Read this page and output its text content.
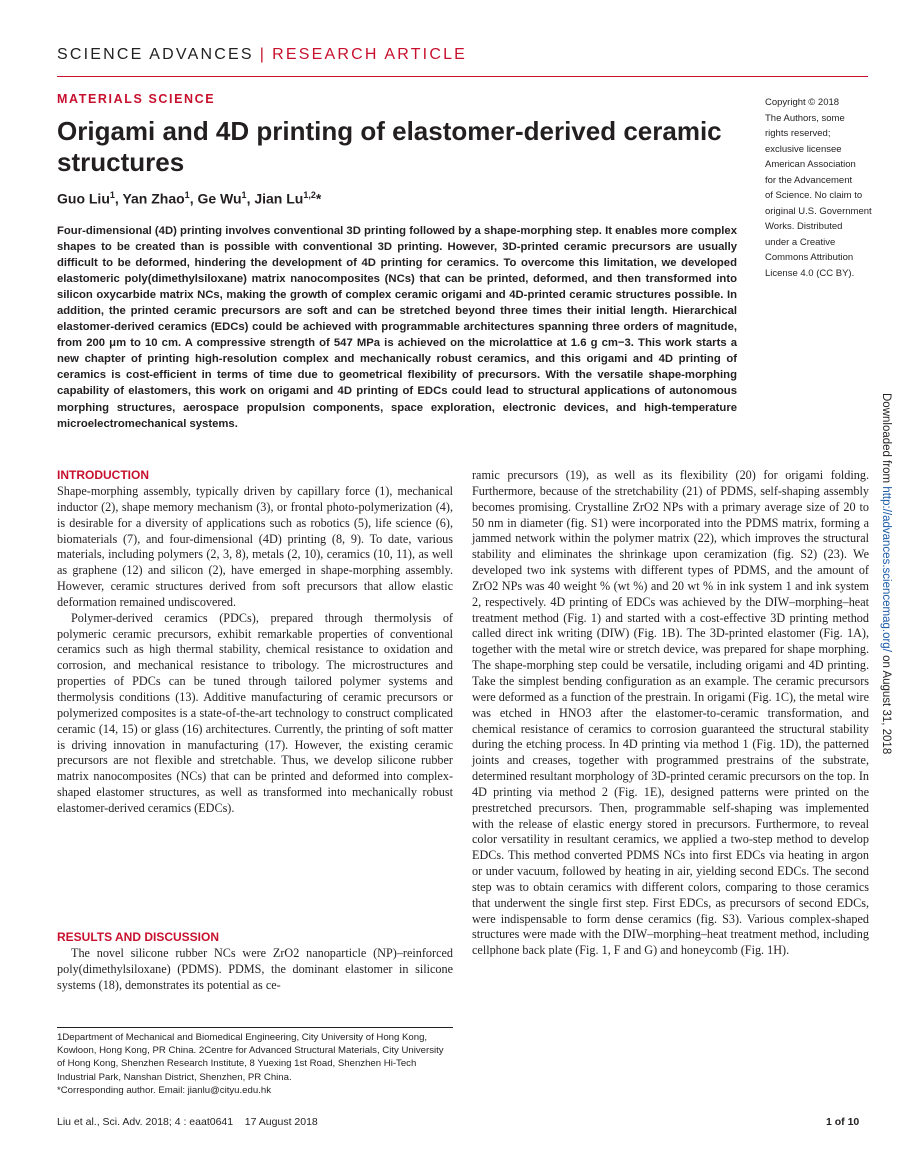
SCIENCE ADVANCES | RESEARCH ARTICLE
MATERIALS SCIENCE
Origami and 4D printing of elastomer-derived ceramic structures
Guo Liu$^1$, Yan Zhao$^1$, Ge Wu$^1$, Jian Lu$^{1,2}$*
Copyright © 2018
The Authors, some
rights reserved;
exclusive licensee
American Association
for the Advancement
of Science. No claim to
original U.S. Government
Works. Distributed
under a Creative
Commons Attribution
License 4.0 (CC BY).

Four-dimensional (4D) printing involves conventional 3D printing followed by a shape-morphing step. It enables more complex shapes to be created than is possible with conventional 3D printing. However, 3D-printed ceramic precursors are usually difficult to be deformed, hindering the development of 4D printing for ceramics. To overcome this limitation, we developed elastomeric poly(dimethylsiloxane) matrix nanocomposites (NCs) that can be printed, deformed, and then transformed into silicon oxycarbide matrix NCs, making the growth of complex ceramic origami and 4D-printed ceramic structures possible. In addition, the printed ceramic precursors are soft and can be stretched beyond three times their initial length. Hierarchical elastomer-derived ceramics (EDCs) could be achieved with programmable architectures spanning three orders of magnitude, from 200 μm to 10 cm. A compressive strength of 547 MPa is achieved on the microlattice at 1.6 g cm−3. This work starts a new chapter of printing high-resolution complex and mechanically robust ceramics, and this origami and 4D printing of ceramics is cost-efficient in terms of time due to geometrical flexibility of precursors. With the versatile shape-morphing capability of elastomers, this work on origami and 4D printing of EDCs could lead to structural applications of autonomous morphing structures, aerospace propulsion components, space exploration, electronic devices, and high-temperature microelectromechanical systems.

INTRODUCTION

Shape-morphing assembly, typically driven by capillary force (1), mechanical inductor (2), shape memory mechanism (3), or frontal photo-polymerization (4), is desirable for a diversity of applications such as robotics (5), life science (6), biomaterials (7), and four-dimensional (4D) printing (8, 9). To date, various materials, including polymers (2, 3, 8), metals (2, 10), ceramics (10, 11), as well as graphene (12) and silicon (2), have emerged in shape-morphing assembly. However, ceramic structures derived from soft precursors that allow elastic deformation remained undiscovered.

Polymer-derived ceramics (PDCs), prepared through thermolysis of polymeric ceramic precursors, exhibit remarkable properties of conventional ceramics such as high thermal stability, chemical resistance to oxidation and corrosion, and mechanical resistance to tribology. The microstructures and properties of PDCs can be tuned through tailored polymer systems and thermolysis conditions (13). Additive manufacturing of ceramic precursors or polymerized composites is a state-of-the-art technology to construct complicated ceramic (14, 15) or glass (16) architectures. Currently, the printing of soft matter is driving innovation in manufacturing (17). However, the existing ceramic precursors are not flexible and stretchable. Thus, we develop silicone rubber matrix nanocomposites (NCs) that can be printed and deformed into complex-shaped elastomer structures, as well as transformed into mechanically robust elastomer-derived ceramics (EDCs).

RESULTS AND DISCUSSION

The novel silicone rubber NCs were ZrO2 nanoparticle (NP)–reinforced poly(dimethylsiloxane) (PDMS). PDMS, the dominant elastomer in silicone systems (18), demonstrates its potential as ce-

1Department of Mechanical and Biomedical Engineering, City University of Hong Kong, Kowloon, Hong Kong, PR China. 2Centre for Advanced Structural Materials, City University of Hong Kong, Shenzhen Research Institute, 8 Yuexing 1st Road, Shenzhen Hi-Tech Industrial Park, Nanshan District, Shenzhen, PR China.
*Corresponding author. Email: jianlu@cityu.edu.hk

ramic precursors (19), as well as its flexibility (20) for origami folding. Furthermore, because of the stretchability (21) of PDMS, self-shaping assembly becomes promising. Crystalline ZrO2 NPs with a primary average size of 20 to 50 nm in diameter (fig. S1) were incorporated into the PDMS matrix, forming a jammed network within the polymer matrix (22), which improves the structural stability and eliminates the shrinkage upon ceramization (fig. S2) (23). We developed two ink systems with different types of PDMS, and the amount of ZrO2 NPs was 40 weight % (wt %) and 20 wt % in ink system 1 and ink system 2, respectively. 4D printing of EDCs was achieved by the DIW–morphing–heat treatment method (Fig. 1) and started with a cost-effective 3D printing method called direct ink writing (DIW) (Fig. 1B). The 3D-printed elastomer (Fig. 1A), together with the metal wire or stretch device, was prepared for shape morphing. The shape-morphing step could be versatile, including origami and 4D printing. Take the simplest bending configuration as an example. The ceramic precursors were deformed as a function of the prestrain. In origami (Fig. 1C), the metal wire was etched in HNO3 after the elastomer-to-ceramic transformation, and chemical resistance of ceramics to corrosion guaranteed the structural stability during the etching process. In 4D printing via method 1 (Fig. 1D), the patterned joints and creases, together with programmed prestrains of the substrate, determined resultant morphology of 3D-printed ceramic precursors on the top. In 4D printing via method 2 (Fig. 1E), designed patterns were printed on the prestretched precursors. Then, programmable self-shaping was implemented with the release of elastic energy stored in precursors. Furthermore, to reveal color versatility in resultant ceramics, we applied a two-step method to develop EDCs. This method converted PDMS NCs into first EDCs via heating in argon or under vacuum, followed by heating in air, yielding second EDCs. The second step was to obtain ceramics with different colors, comparing to those ceramics that underwent the single first step. First EDCs, as precursors of second EDCs, were indispensable to form dense ceramics (fig. S3). Various complex-shaped structures were made with the DIW–morphing–heat treatment method, including cellphone back plate (Fig. 1, F and G) and honeycomb (Fig. 1H).

Liu et al., Sci. Adv. 2018; 4 : eaat0641 17 August 2018	1 of 10
Downloaded from http://advances.sciencemag.org/ on August 31, 2018
